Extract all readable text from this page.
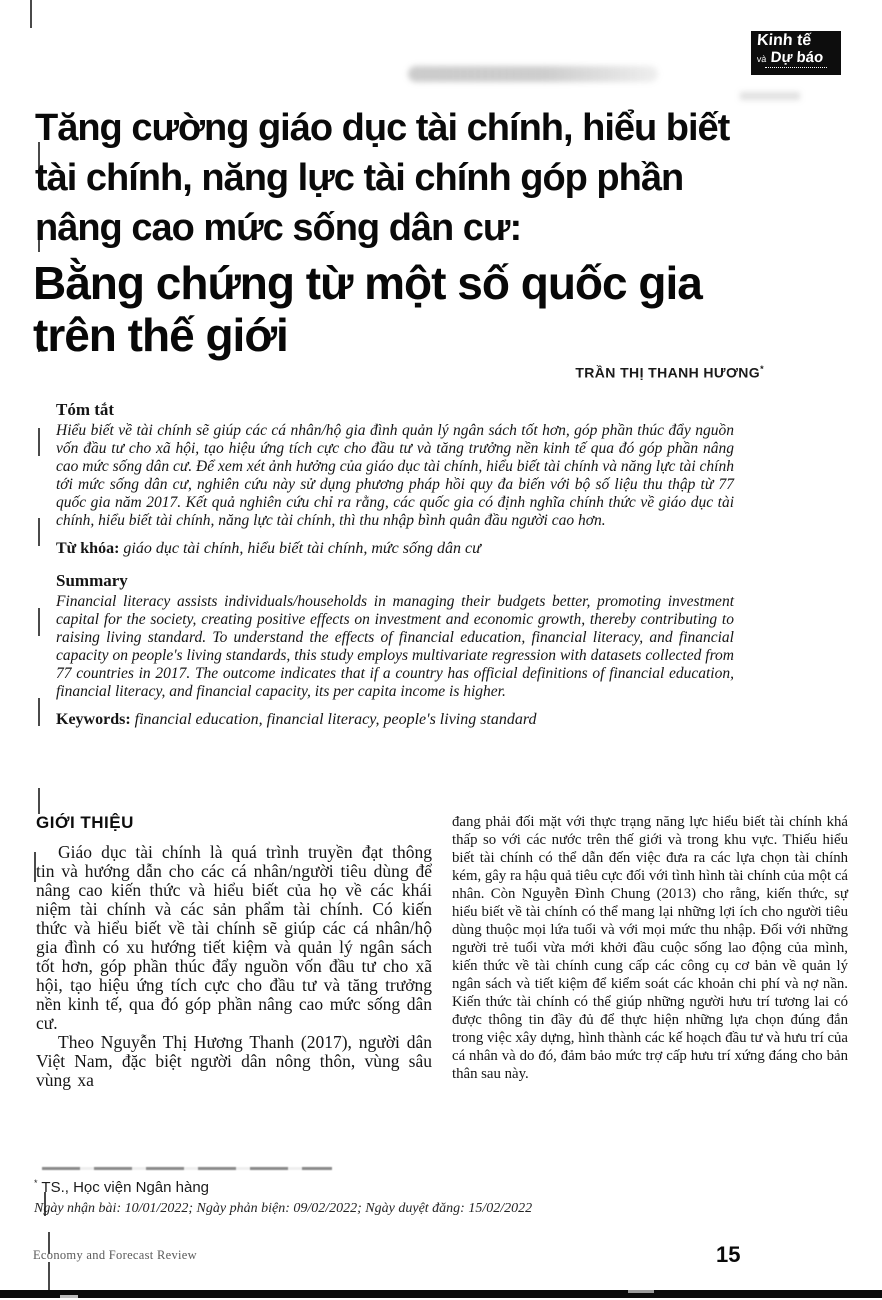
Kinh tế
và Dự báo
Tăng cường giáo dục tài chính, hiểu biết
tài chính, năng lực tài chính góp phần
nâng cao mức sống dân cư:
Bằng chứng từ một số quốc gia
trên thế giới
TRẦN THỊ THANH HƯƠNG*
Tóm tắt

Hiểu biết về tài chính sẽ giúp các cá nhân/hộ gia đình quản lý ngân sách tốt hơn, góp phần thúc đẩy nguồn vốn đầu tư cho xã hội, tạo hiệu ứng tích cực cho đầu tư và tăng trưởng nền kinh tế qua đó góp phần nâng cao mức sống dân cư. Để xem xét ảnh hưởng của giáo dục tài chính, hiểu biết tài chính và năng lực tài chính tới mức sống dân cư, nghiên cứu này sử dụng phương pháp hồi quy đa biến với bộ số liệu thu thập từ 77 quốc gia năm 2017. Kết quả nghiên cứu chỉ ra rằng, các quốc gia có định nghĩa chính thức về giáo dục tài chính, hiểu biết tài chính, năng lực tài chính, thì thu nhập bình quân đầu người cao hơn.

Từ khóa: giáo dục tài chính, hiểu biết tài chính, mức sống dân cư
Summary

Financial literacy assists individuals/households in managing their budgets better, promoting investment capital for the society, creating positive effects on investment and economic growth, thereby contributing to raising living standard. To understand the effects of financial education, financial literacy, and financial capacity on people's living standards, this study employs multivariate regression with datasets collected from 77 countries in 2017. The outcome indicates that if a country has official definitions of financial education, financial literacy, and financial capacity, its per capita income is higher.

Keywords: financial education, financial literacy, people's living standard
GIỚI THIỆU

Giáo dục tài chính là quá trình truyền đạt thông tin và hướng dẫn cho các cá nhân/người tiêu dùng để nâng cao kiến thức và hiểu biết của họ về các khái niệm tài chính và các sản phẩm tài chính. Có kiến thức và hiểu biết về tài chính sẽ giúp các cá nhân/hộ gia đình có xu hướng tiết kiệm và quản lý ngân sách tốt hơn, góp phần thúc đẩy nguồn vốn đầu tư cho xã hội, tạo hiệu ứng tích cực cho đầu tư và tăng trưởng nền kinh tế, qua đó góp phần nâng cao mức sống dân cư.

Theo Nguyễn Thị Hương Thanh (2017), người dân Việt Nam, đặc biệt người dân nông thôn, vùng sâu vùng xa

đang phải đối mặt với thực trạng năng lực hiểu biết tài chính khá thấp so với các nước trên thế giới và trong khu vực. Thiếu hiểu biết tài chính có thể dẫn đến việc đưa ra các lựa chọn tài chính kém, gây ra hậu quả tiêu cực đối với tình hình tài chính của một cá nhân. Còn Nguyễn Đình Chung (2013) cho rằng, kiến thức, sự hiểu biết về tài chính có thể mang lại những lợi ích cho người tiêu dùng thuộc mọi lứa tuổi và với mọi mức thu nhập. Đối với những người trẻ tuổi vừa mới khởi đầu cuộc sống lao động của mình, kiến thức về tài chính cung cấp các công cụ cơ bản về quản lý ngân sách và tiết kiệm để kiểm soát các khoản chi phí và nợ nần. Kiến thức tài chính có thể giúp những người hưu trí tương lai có được thông tin đầy đủ để thực hiện những lựa chọn đúng đắn trong việc xây dựng, hình thành các kế hoạch đầu tư và hưu trí của cá nhân và do đó, đảm bảo mức trợ cấp hưu trí xứng đáng cho bản thân sau này.

* TS., Học viện Ngân hàng
Ngày nhận bài: 10/01/2022; Ngày phản biện: 09/02/2022; Ngày duyệt đăng: 15/02/2022
Economy and Forecast Review	15
